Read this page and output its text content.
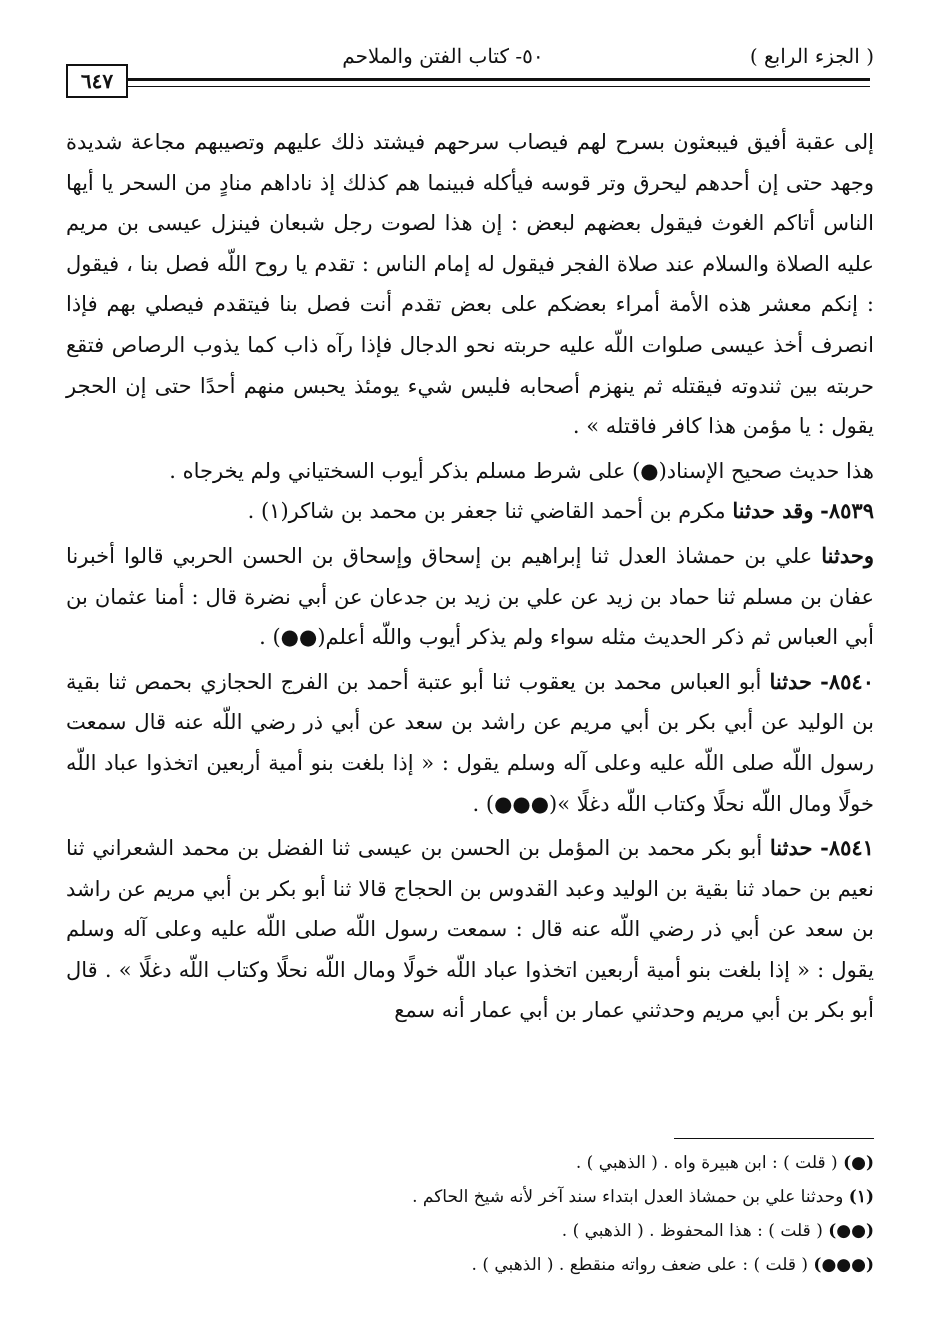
( الجزء الرابع )
٥٠- كتاب الفتن والملاحم
٦٤٧

إلى عقبة أفيق فيبعثون بسرح لهم فيصاب سرحهم فيشتد ذلك عليهم وتصيبهم مجاعة شديدة وجهد حتى إن أحدهم ليحرق وتر قوسه فيأكله فبينما هم كذلك إذ ناداهم منادٍ من السحر يا أيها الناس أتاكم الغوث فيقول بعضهم لبعض : إن هذا لصوت رجل شبعان فينزل عيسى بن مريم عليه الصلاة والسلام عند صلاة الفجر فيقول له إمام الناس : تقدم يا روح اللّه فصل بنا ، فيقول : إنكم معشر هذه الأمة أمراء بعضكم على بعض تقدم أنت فصل بنا فيتقدم فيصلي بهم فإذا انصرف أخذ عيسى صلوات اللّه عليه حربته نحو الدجال فإذا رآه ذاب كما يذوب الرصاص فتقع حربته بين ثندوته فيقتله ثم ينهزم أصحابه فليس شيء يومئذ يحبس منهم أحدًا حتى إن الحجر يقول : يا مؤمن هذا كافر فاقتله » .

هذا حديث صحيح الإسناد(●) على شرط مسلم بذكر أيوب السختياني ولم يخرجاه .

٨٥٣٩- وقد حدثنا مكرم بن أحمد القاضي ثنا جعفر بن محمد بن شاكر(١) .

وحدثنا علي بن حمشاذ العدل ثنا إبراهيم بن إسحاق وإسحاق بن الحسن الحربي قالوا أخبرنا عفان بن مسلم ثنا حماد بن زيد عن علي بن زيد بن جدعان عن أبي نضرة قال : أمنا عثمان بن أبي العباس ثم ذكر الحديث مثله سواء ولم يذكر أيوب واللّه أعلم(●●) .

٨٥٤٠- حدثنا أبو العباس محمد بن يعقوب ثنا أبو عتبة أحمد بن الفرج الحجازي بحمص ثنا بقية بن الوليد عن أبي بكر بن أبي مريم عن راشد بن سعد عن أبي ذر رضي اللّه عنه قال سمعت رسول اللّه صلى اللّه عليه وعلى آله وسلم يقول : « إذا بلغت بنو أمية أربعين اتخذوا عباد اللّه خولًا ومال اللّه نحلًا وكتاب اللّه دغلًا »(●●●) .

٨٥٤١- حدثنا أبو بكر محمد بن المؤمل بن الحسن بن عيسى ثنا الفضل بن محمد الشعراني ثنا نعيم بن حماد ثنا بقية بن الوليد وعبد القدوس بن الحجاج قالا ثنا أبو بكر بن أبي مريم عن راشد بن سعد عن أبي ذر رضي اللّه عنه قال : سمعت رسول اللّه صلى اللّه عليه وعلى آله وسلم يقول : « إذا بلغت بنو أمية أربعين اتخذوا عباد اللّه خولًا ومال اللّه نحلًا وكتاب اللّه دغلًا » . قال أبو بكر بن أبي مريم وحدثني عمار بن أبي عمار أنه سمع

(●) ( قلت ) : ابن هبيرة واه . ( الذهبي ) .
(١) وحدثنا علي بن حمشاذ العدل ابتداء سند آخر لأنه شيخ الحاكم .
(●●) ( قلت ) : هذا المحفوظ . ( الذهبي ) .
(●●●) ( قلت ) : على ضعف رواته منقطع . ( الذهبي ) .
